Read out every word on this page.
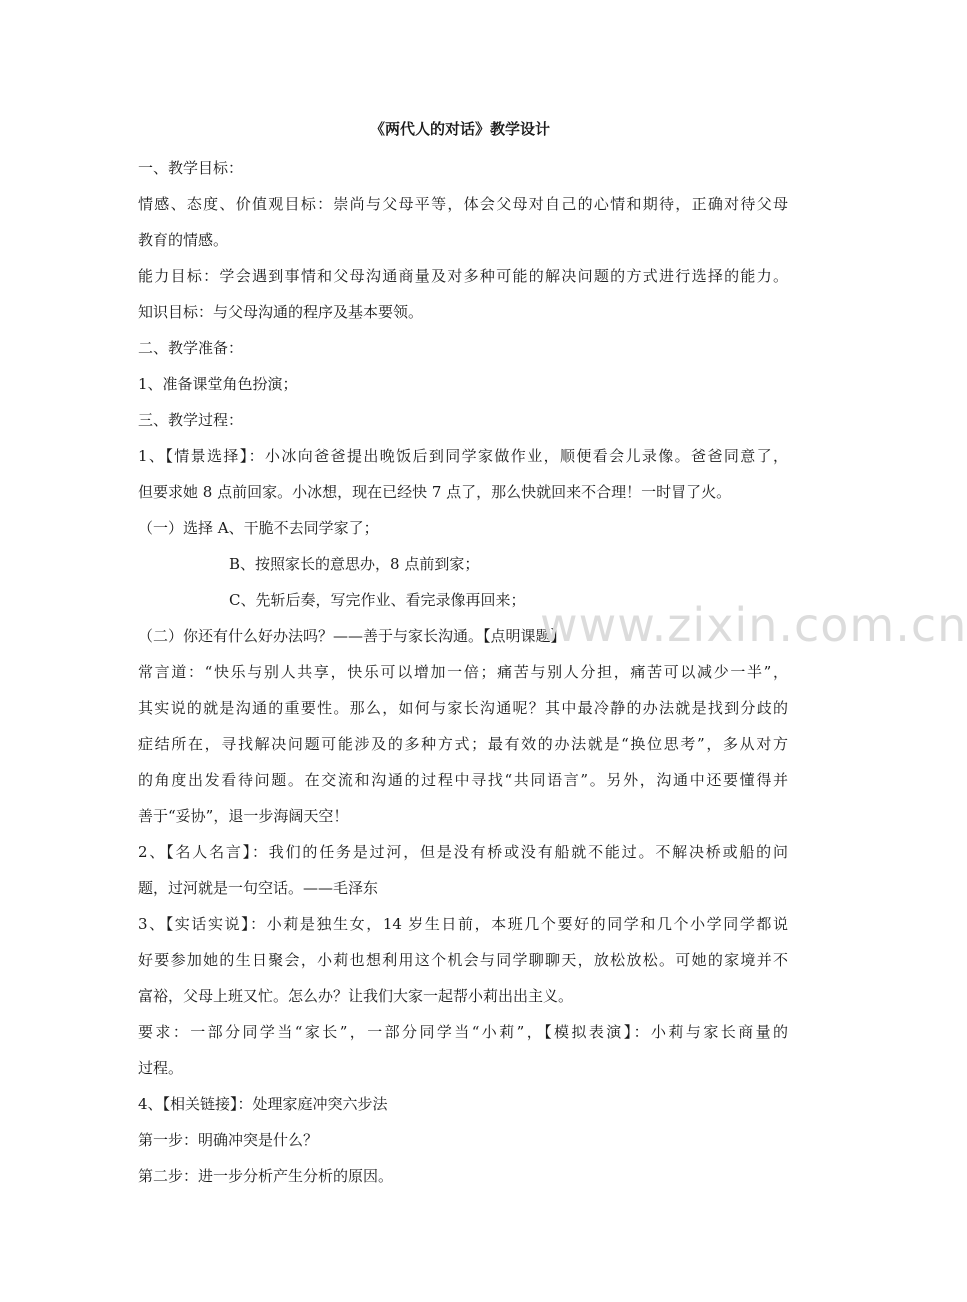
《两代人的对话》教学设计
一、教学目标：
情感、态度、价值观目标：崇尚与父母平等，体会父母对自己的心情和期待，正确对待父母
教育的情感。
能力目标：学会遇到事情和父母沟通商量及对多种可能的解决问题的方式进行选择的能力。
知识目标：与父母沟通的程序及基本要领。
二、教学准备：
1、准备课堂角色扮演；
三、教学过程：
1、【情景选择】：小冰向爸爸提出晚饭后到同学家做作业，顺便看会儿录像。爸爸同意了，
但要求她 8 点前回家。小冰想，现在已经快 7 点了，那么快就回来不合理！一时冒了火。
（一）选择 A、干脆不去同学家了；
B、按照家长的意思办，8 点前到家；
C、先斩后奏，写完作业、看完录像再回来；
（二）你还有什么好办法吗？——善于与家长沟通。【点明课题】
常言道：“快乐与别人共享，快乐可以增加一倍；痛苦与别人分担，痛苦可以减少一半”，
其实说的就是沟通的重要性。那么，如何与家长沟通呢？其中最冷静的办法就是找到分歧的
症结所在，寻找解决问题可能涉及的多种方式；最有效的办法就是“换位思考”，多从对方
的角度出发看待问题。在交流和沟通的过程中寻找“共同语言”。另外，沟通中还要懂得并
善于“妥协”，退一步海阔天空！
2、【名人名言】：我们的任务是过河，但是没有桥或没有船就不能过。不解决桥或船的问
题，过河就是一句空话。——毛泽东
3、【实话实说】：小莉是独生女，14 岁生日前，本班几个要好的同学和几个小学同学都说
好要参加她的生日聚会，小莉也想利用这个机会与同学聊聊天，放松放松。可她的家境并不
富裕，父母上班又忙。怎么办？让我们大家一起帮小莉出出主义。
要求：一部分同学当“家长”，一部分同学当“小莉”，【模拟表演】：小莉与家长商量的
过程。
4、【相关链接】：处理家庭冲突六步法
第一步：明确冲突是什么？
第二步：进一步分析产生分析的原因。
www.zixin.com.cn
